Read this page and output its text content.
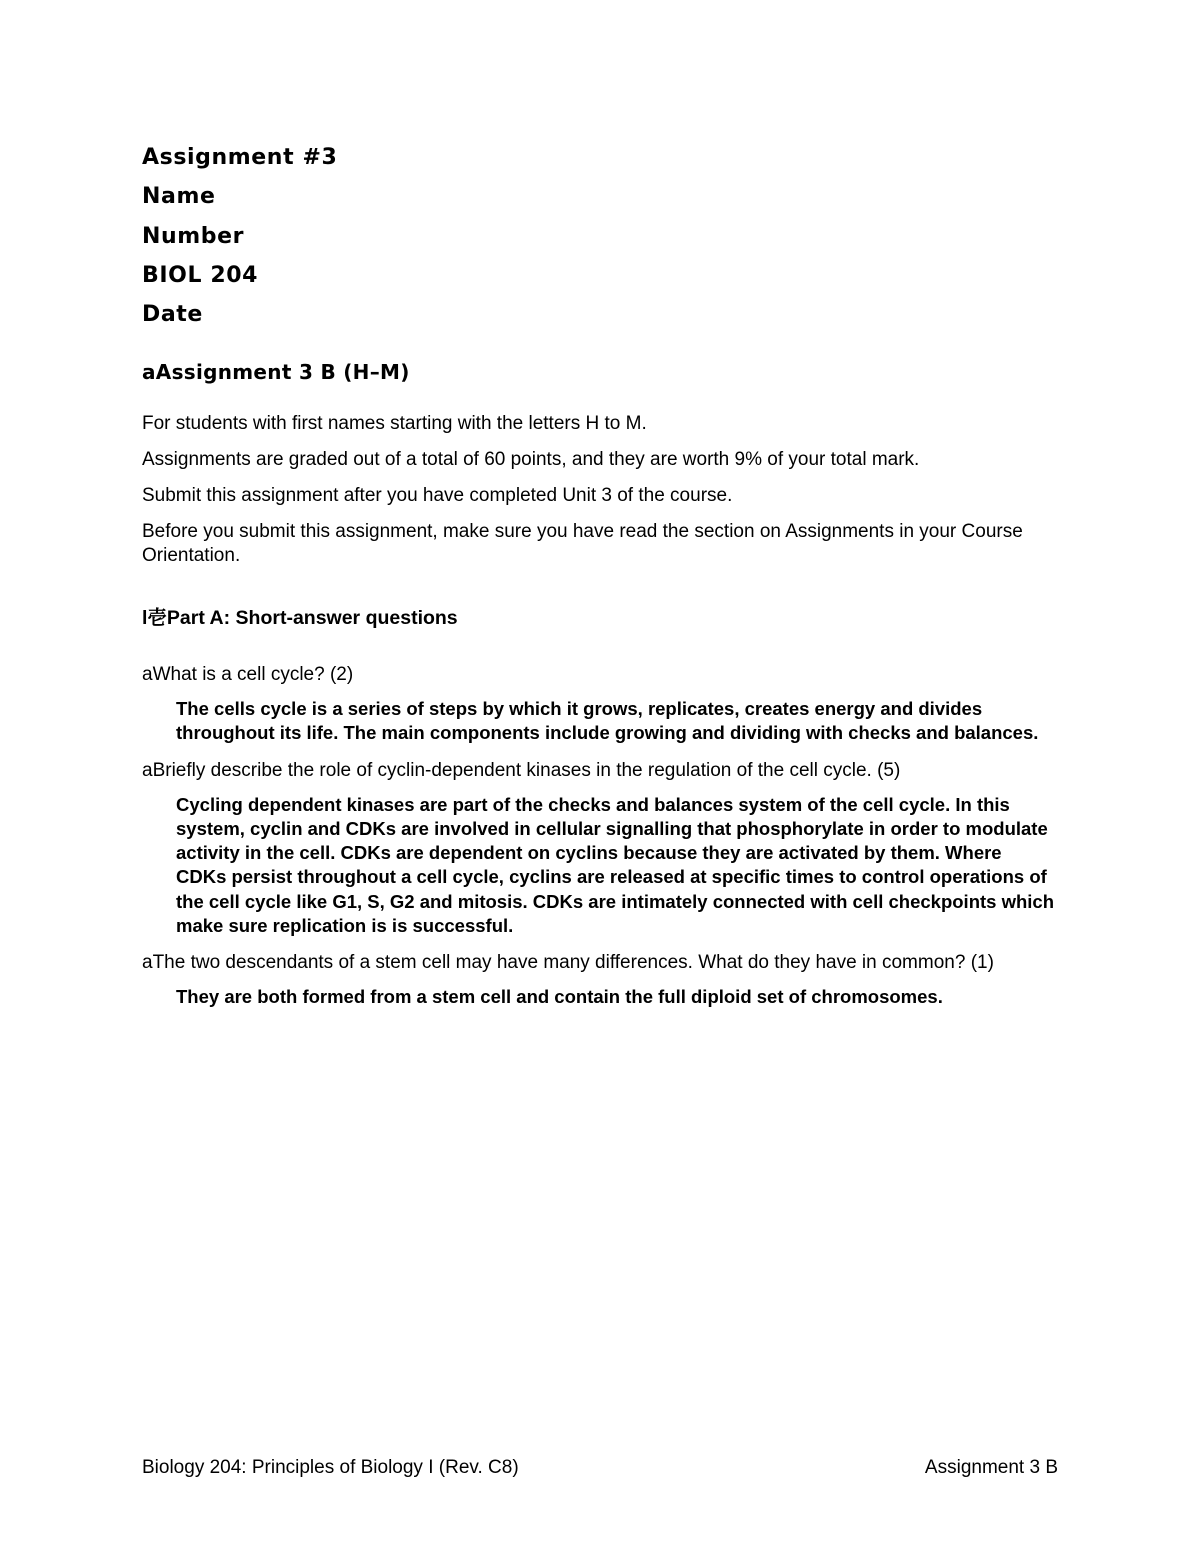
Assignment #3
Name
Number
BIOL 204
Date
aAssignment 3 B (H–M)

For students with first names starting with the letters H to M.

Assignments are graded out of a total of 60 points, and they are worth 9% of your total mark.

Submit this assignment after you have completed Unit 3 of the course.

Before you submit this assignment, make sure you have read the section on Assignments in your Course Orientation.

l壱Part A: Short-answer questions
aWhat is a cell cycle? (2)
The cells cycle is a series of steps by which it grows, replicates, creates energy and divides throughout its life. The main components include growing and dividing with checks and balances.
aBriefly describe the role of cyclin-dependent kinases in the regulation of the cell cycle. (5)
Cycling dependent kinases are part of the checks and balances system of the cell cycle. In this system, cyclin and CDKs are involved in cellular signalling that phosphorylate in order to modulate activity in the cell. CDKs are dependent on cyclins because they are activated by them. Where CDKs persist throughout a cell cycle, cyclins are released at specific times to control operations of the cell cycle like G1, S, G2 and mitosis. CDKs are intimately connected with cell checkpoints which make sure replication is is successful.
aThe two descendants of a stem cell may have many differences. What do they have in common? (1)
They are both formed from a stem cell and contain the full diploid set of chromosomes.
Biology 204: Principles of Biology I (Rev. C8)	Assignment 3 B
